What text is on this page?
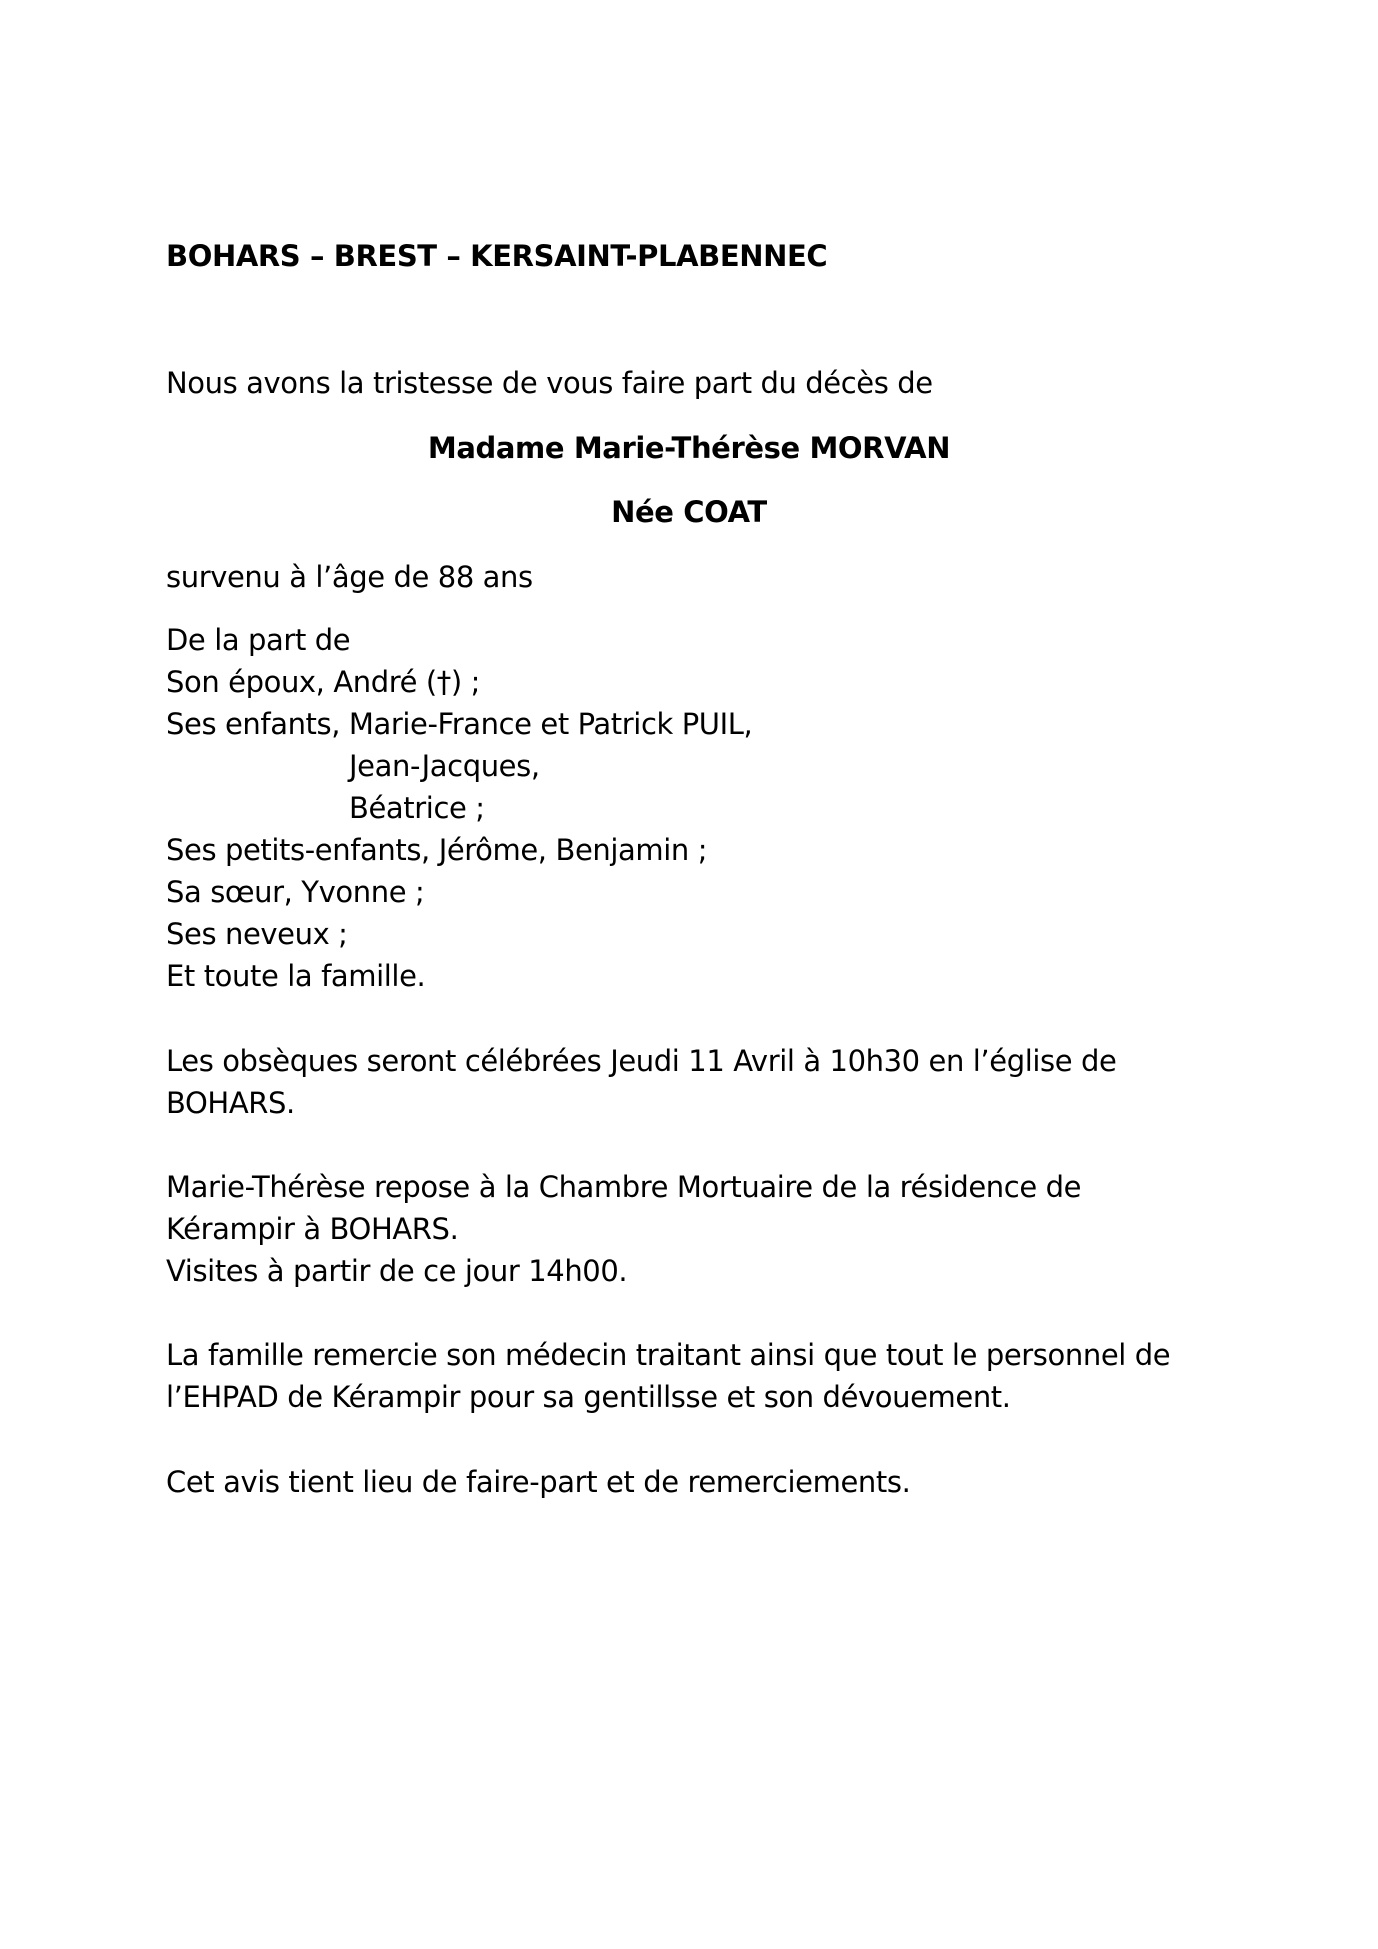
BOHARS – BREST – KERSAINT-PLABENNEC
Nous avons la tristesse de vous faire part du décès de
Madame Marie-Thérèse MORVAN
Née COAT
survenu à l’âge de 88 ans
De la part de
Son époux, André (†) ;
Ses enfants, Marie-France et Patrick PUIL,
Jean-Jacques,
Béatrice ;
Ses petits-enfants, Jérôme, Benjamin ;
Sa sœur, Yvonne ;
Ses neveux ;
Et toute la famille.
Les obsèques seront célébrées Jeudi 11 Avril à 10h30 en l’église de
BOHARS.
Marie-Thérèse repose à la Chambre Mortuaire de la résidence de
Kérampir à BOHARS.
Visites à partir de ce jour 14h00.
La famille remercie son médecin traitant ainsi que tout le personnel de
l’EHPAD de Kérampir pour sa gentillsse et son dévouement.
Cet avis tient lieu de faire-part et de remerciements.
